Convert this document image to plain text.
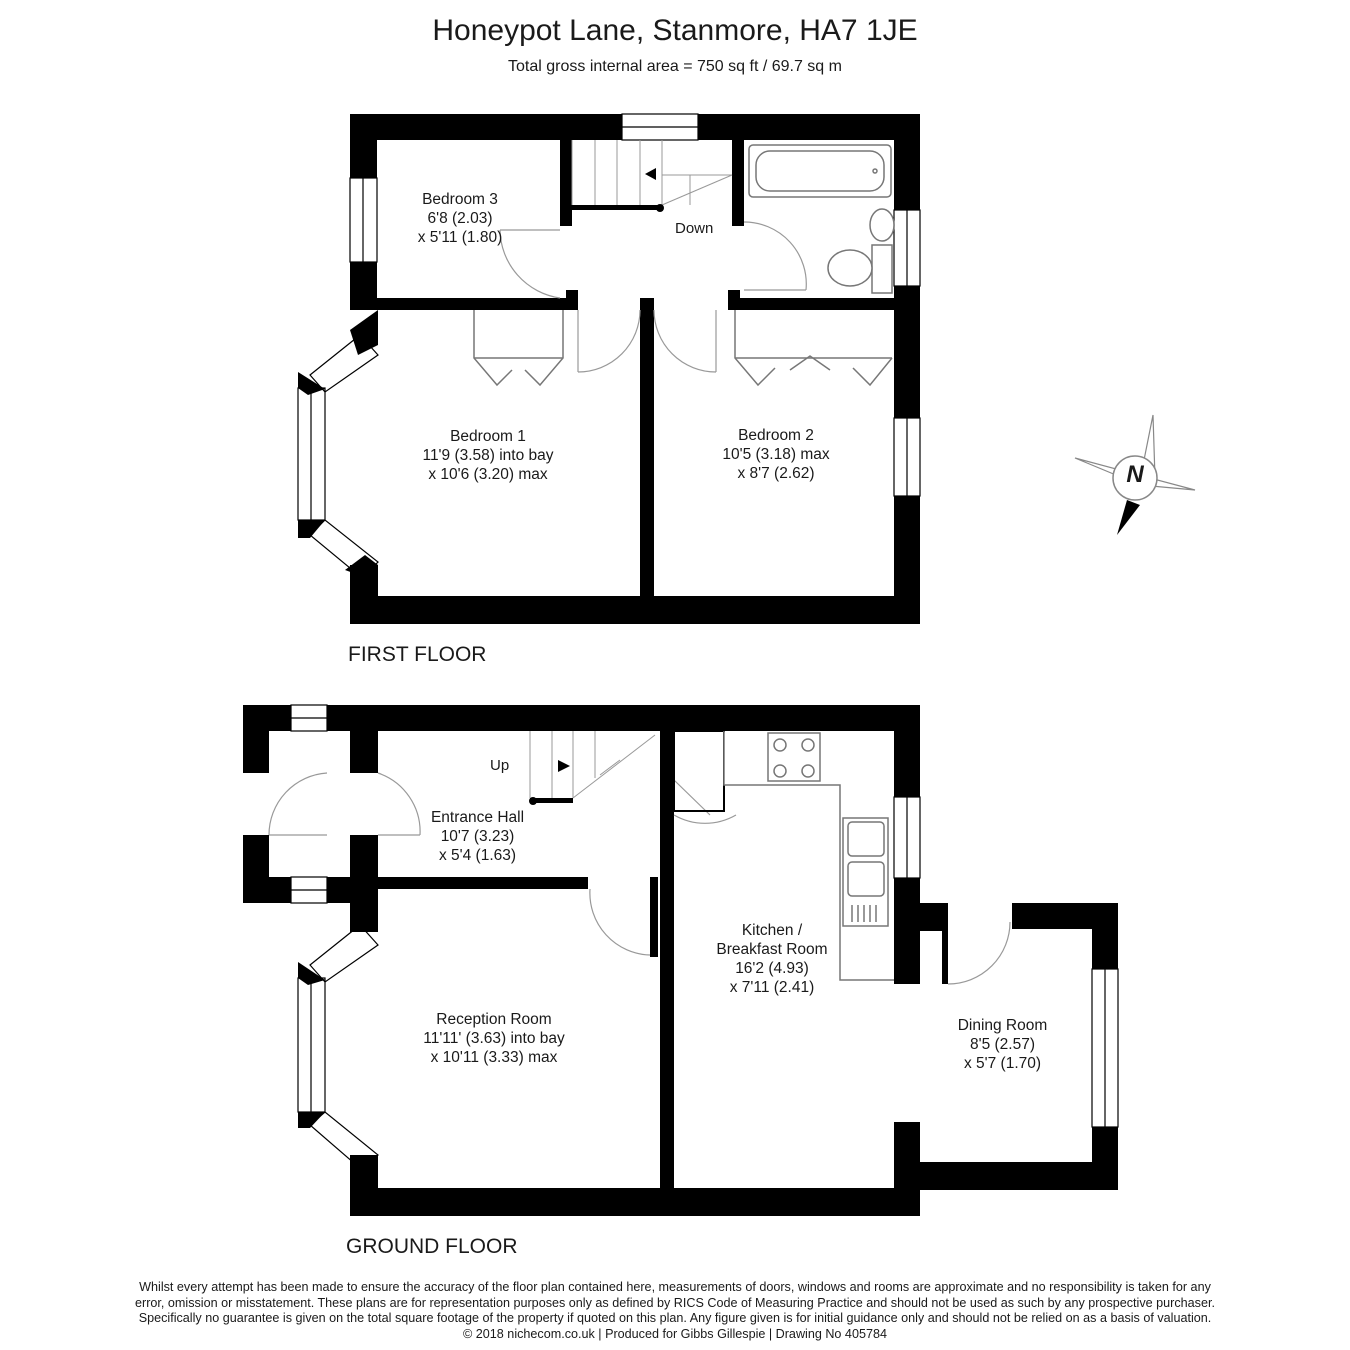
Honeypot Lane, Stanmore, HA7 1JE
Total gross internal area = 750 sq ft / 69.7 sq m
Bedroom 3
6'8 (2.03)
x 5'11 (1.80)
Bedroom 1
11'9 (3.58) into bay
x 10'6 (3.20) max
Bedroom 2
10'5 (3.18) max
x 8'7 (2.62)
Down
FIRST FLOOR
Entrance Hall
10'7 (3.23)
x 5'4 (1.63)
Kitchen /
Breakfast Room
16'2 (4.93)
x 7'11 (2.41)
Reception Room
11'11' (3.63) into bay
x 10'11 (3.33) max
Dining Room
8'5 (2.57)
x 5'7 (1.70)
Up
GROUND FLOOR
N
Whilst every attempt has been made to ensure the accuracy of the floor plan contained here, measurements of doors, windows and rooms are approximate and no responsibility is taken for any
error, omission or misstatement. These plans are for representation purposes only as defined by RICS Code of Measuring Practice and should not be used as such by any prospective purchaser.
Specifically no guarantee is given on the total square footage of the property if quoted on this plan. Any figure given is for initial guidance only and should not be relied on as a basis of valuation.
© 2018 nichecom.co.uk | Produced for Gibbs Gillespie | Drawing No 405784
